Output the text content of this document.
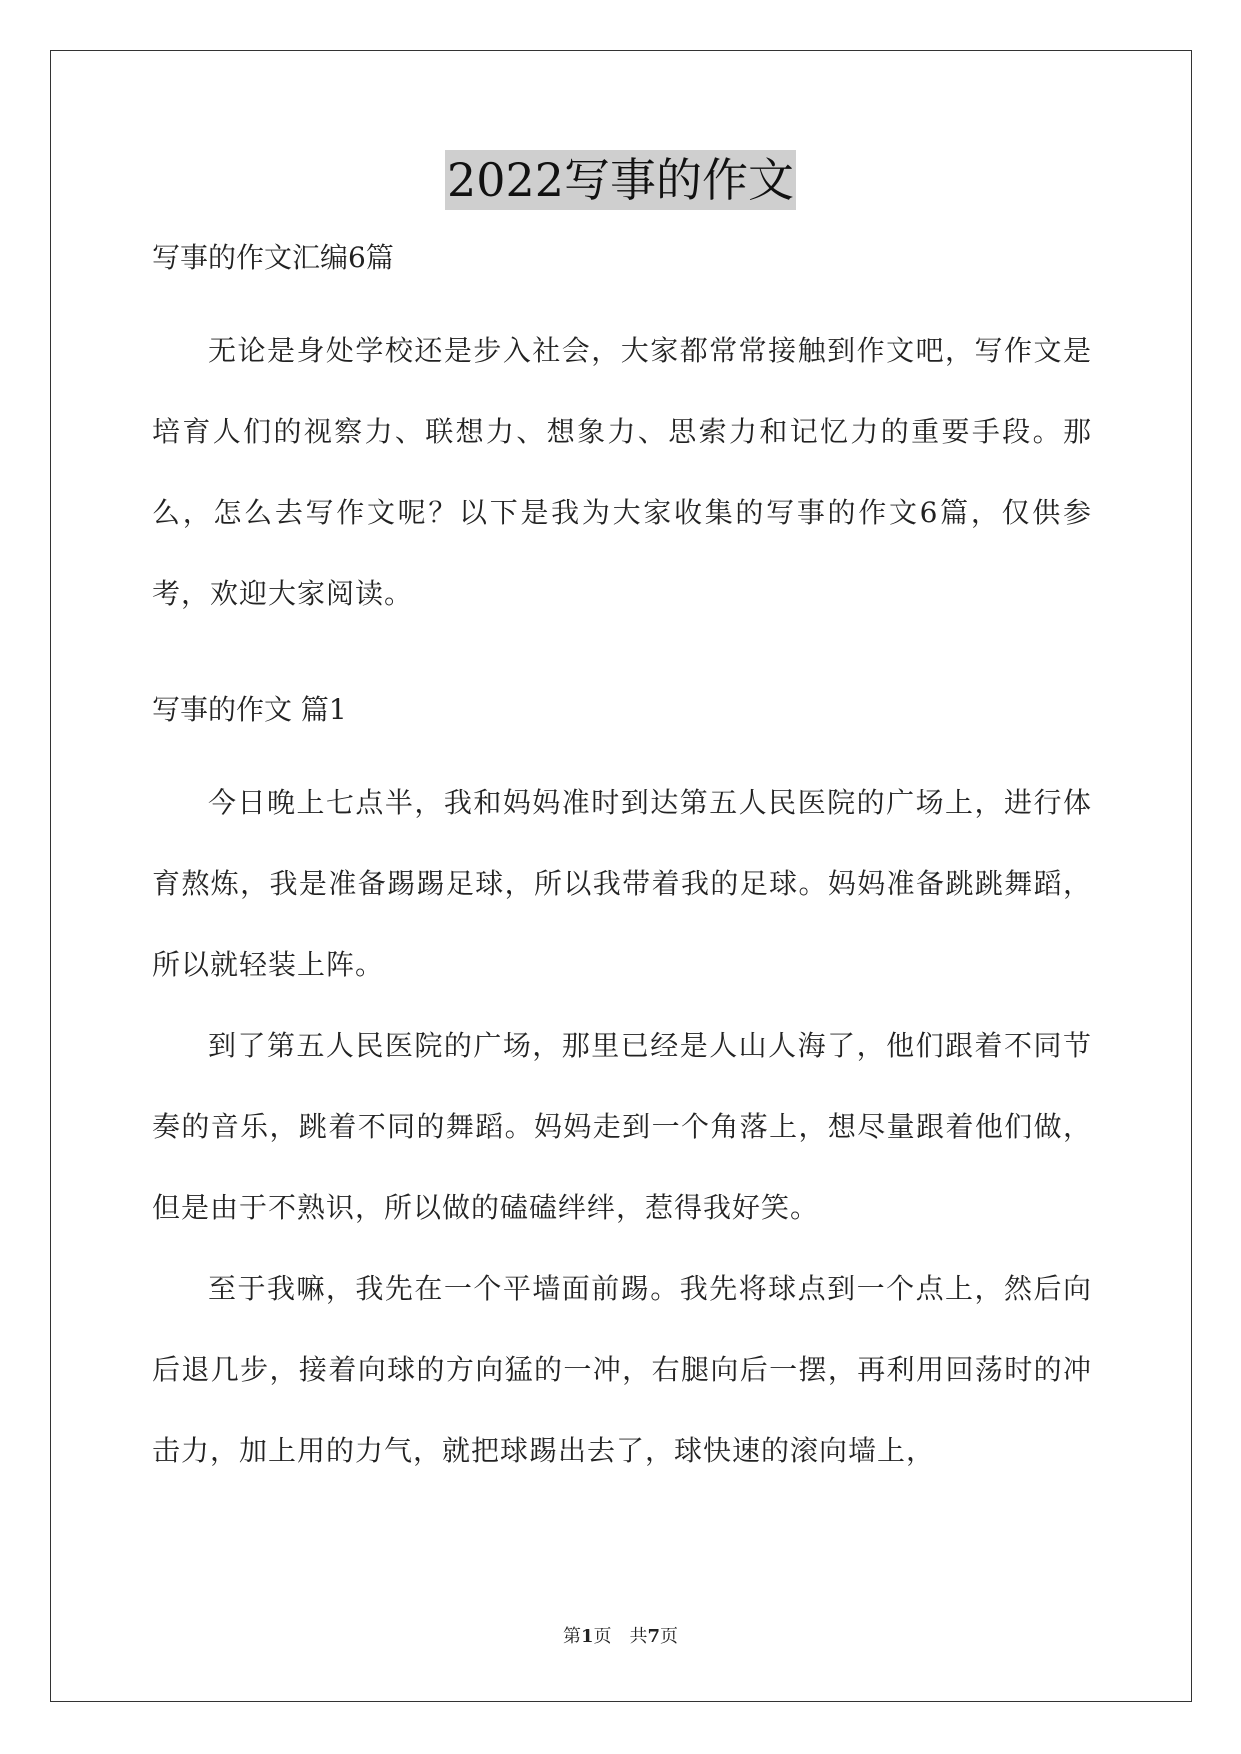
2022写事的作文

写事的作文汇编6篇

无论是身处学校还是步入社会，大家都常常接触到作文吧，写作文是培育人们的视察力、联想力、想象力、思索力和记忆力的重要手段。那么，怎么去写作文呢？以下是我为大家收集的写事的作文6篇，仅供参考，欢迎大家阅读。

写事的作文 篇1

今日晚上七点半，我和妈妈准时到达第五人民医院的广场上，进行体育熬炼，我是准备踢踢足球，所以我带着我的足球。妈妈准备跳跳舞蹈，所以就轻装上阵。

到了第五人民医院的广场，那里已经是人山人海了，他们跟着不同节奏的音乐，跳着不同的舞蹈。妈妈走到一个角落上，想尽量跟着他们做，但是由于不熟识，所以做的磕磕绊绊，惹得我好笑。

至于我嘛，我先在一个平墙面前踢。我先将球点到一个点上，然后向后退几步，接着向球的方向猛的一冲，右腿向后一摆，再利用回荡时的冲击力，加上用的力气，就把球踢出去了，球快速的滚向墙上，

第1页　共7页
